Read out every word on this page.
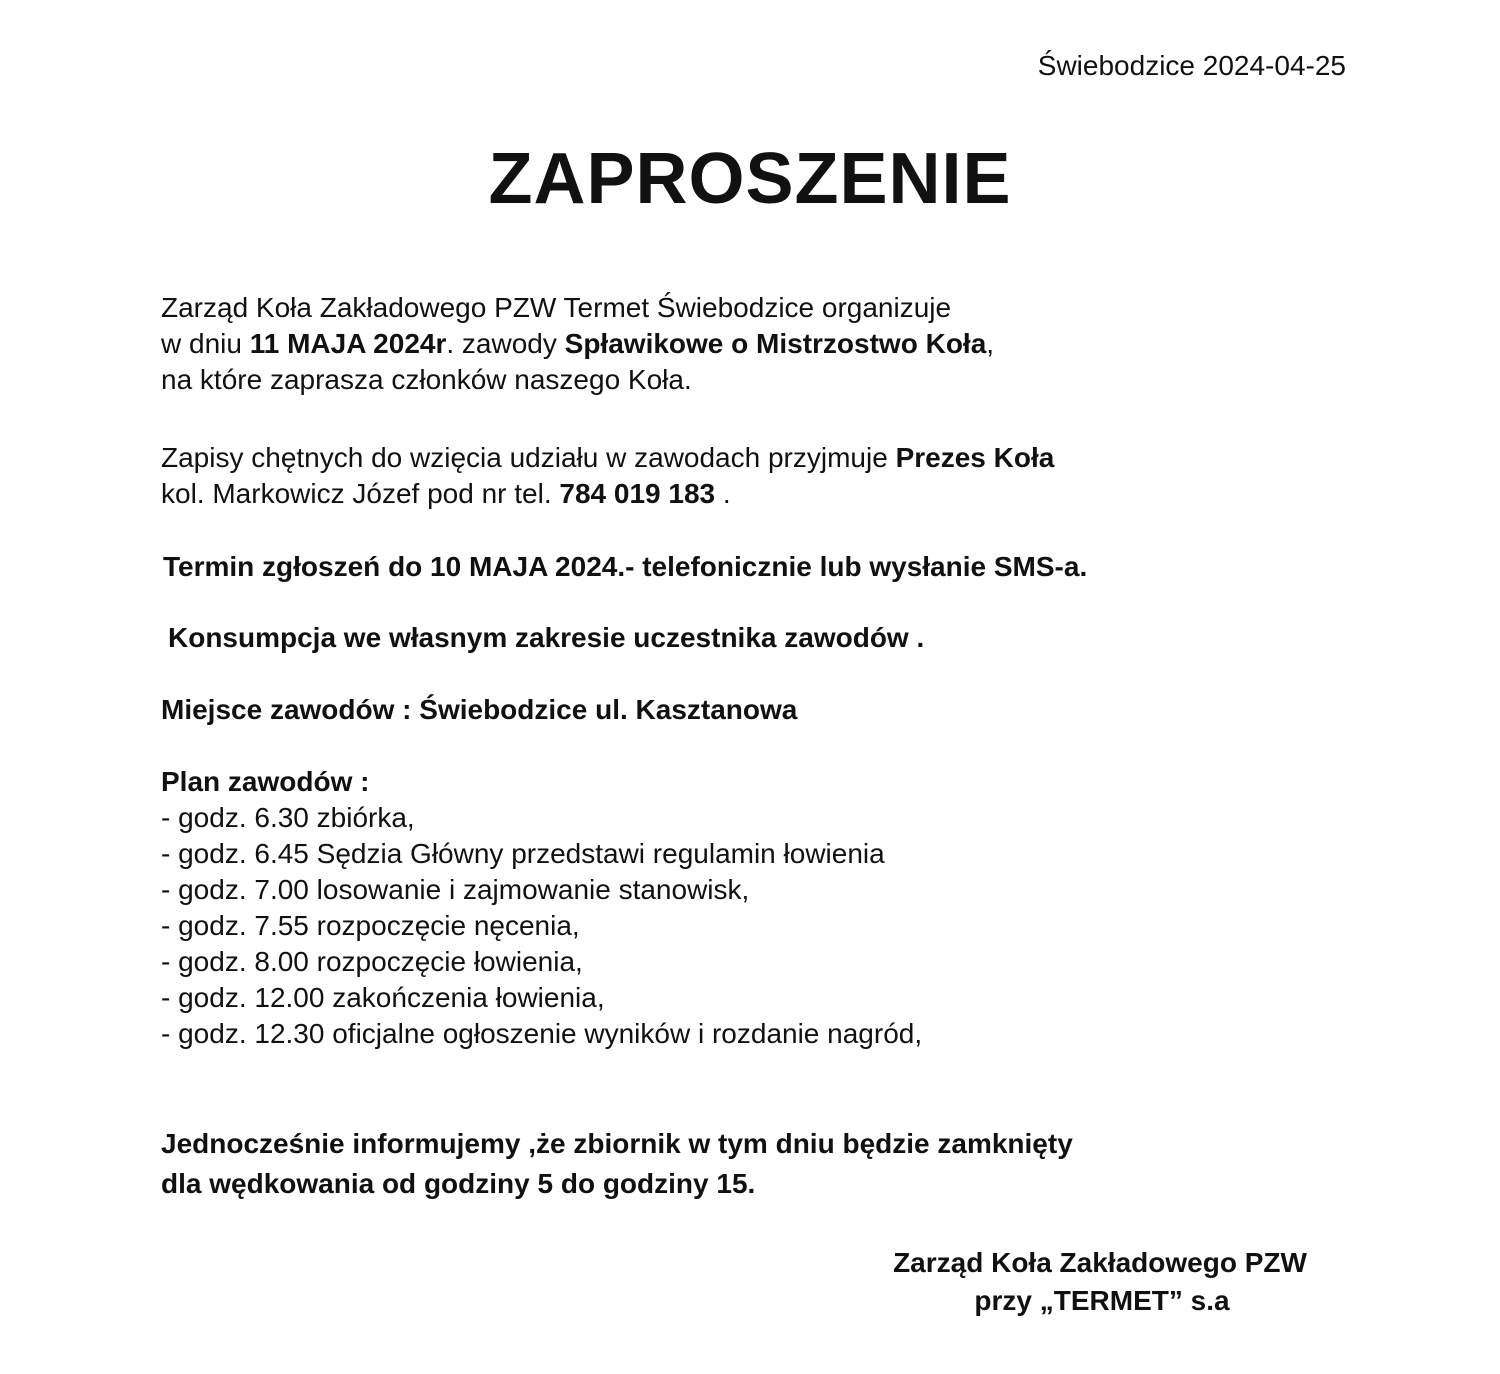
Świebodzice 2024-04-25
ZAPROSZENIE
Zarząd Koła Zakładowego PZW Termet Świebodzice organizuje
w dniu 11 MAJA 2024r. zawody Spławikowe o Mistrzostwo Koła,
na które zaprasza członków naszego Koła.
Zapisy chętnych do wzięcia udziału w zawodach przyjmuje Prezes Koła
kol. Markowicz Józef pod nr tel. 784 019 183 .
Termin zgłoszeń do 10 MAJA 2024.- telefonicznie lub wysłanie SMS-a.
Konsumpcja we własnym zakresie uczestnika zawodów .
Miejsce zawodów : Świebodzice ul. Kasztanowa
Plan zawodów :
- godz. 6.30 zbiórka,
- godz. 6.45 Sędzia Główny przedstawi regulamin łowienia
- godz. 7.00 losowanie i zajmowanie stanowisk,
- godz. 7.55 rozpoczęcie nęcenia,
- godz. 8.00 rozpoczęcie łowienia,
- godz. 12.00 zakończenia łowienia,
- godz. 12.30 oficjalne ogłoszenie wyników i rozdanie nagród,
Jednocześnie informujemy ,że zbiornik w tym dniu będzie zamknięty
dla wędkowania od godziny 5 do godziny 15.
Zarząd Koła Zakładowego PZW
przy „TERMET” s.a
